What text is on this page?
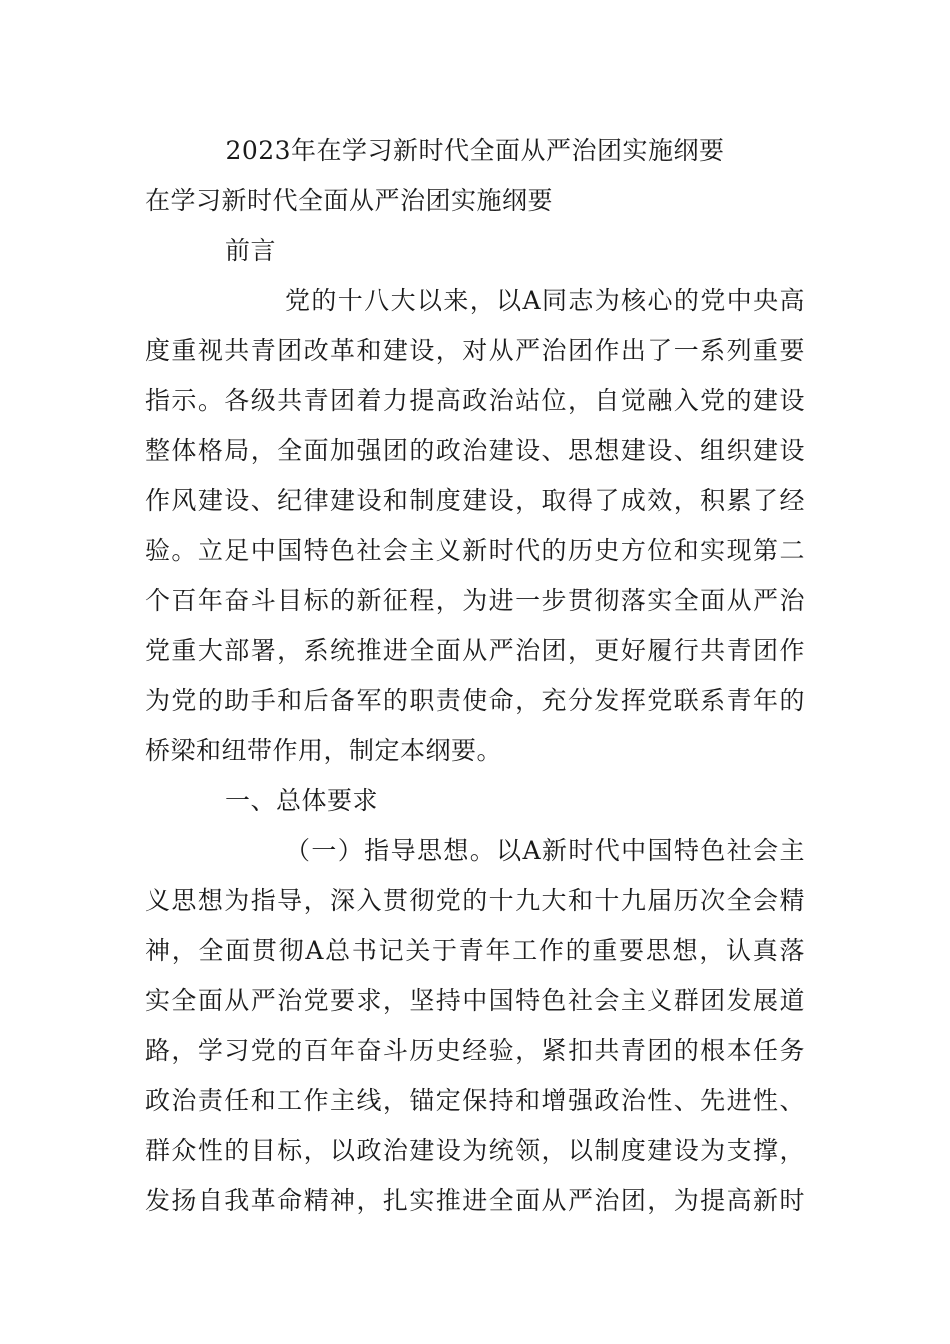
2023年在学习新时代全面从严治团实施纲要
在学习新时代全面从严治团实施纲要
前言
党的十八大以来，以A同志为核心的党中央高
度重视共青团改革和建设，对从严治团作出了一系列重要
指示。各级共青团着力提高政治站位，自觉融入党的建设
整体格局，全面加强团的政治建设、思想建设、组织建设
作风建设、纪律建设和制度建设，取得了成效，积累了经
验。立足中国特色社会主义新时代的历史方位和实现第二
个百年奋斗目标的新征程，为进一步贯彻落实全面从严治
党重大部署，系统推进全面从严治团，更好履行共青团作
为党的助手和后备军的职责使命，充分发挥党联系青年的
桥梁和纽带作用，制定本纲要。
一、总体要求
（一）指导思想。以A新时代中国特色社会主
义思想为指导，深入贯彻党的十九大和十九届历次全会精
神，全面贯彻A总书记关于青年工作的重要思想，认真落
实全面从严治党要求，坚持中国特色社会主义群团发展道
路，学习党的百年奋斗历史经验，紧扣共青团的根本任务
政治责任和工作主线，锚定保持和增强政治性、先进性、
群众性的目标，以政治建设为统领，以制度建设为支撑，
发扬自我革命精神，扎实推进全面从严治团，为提高新时
